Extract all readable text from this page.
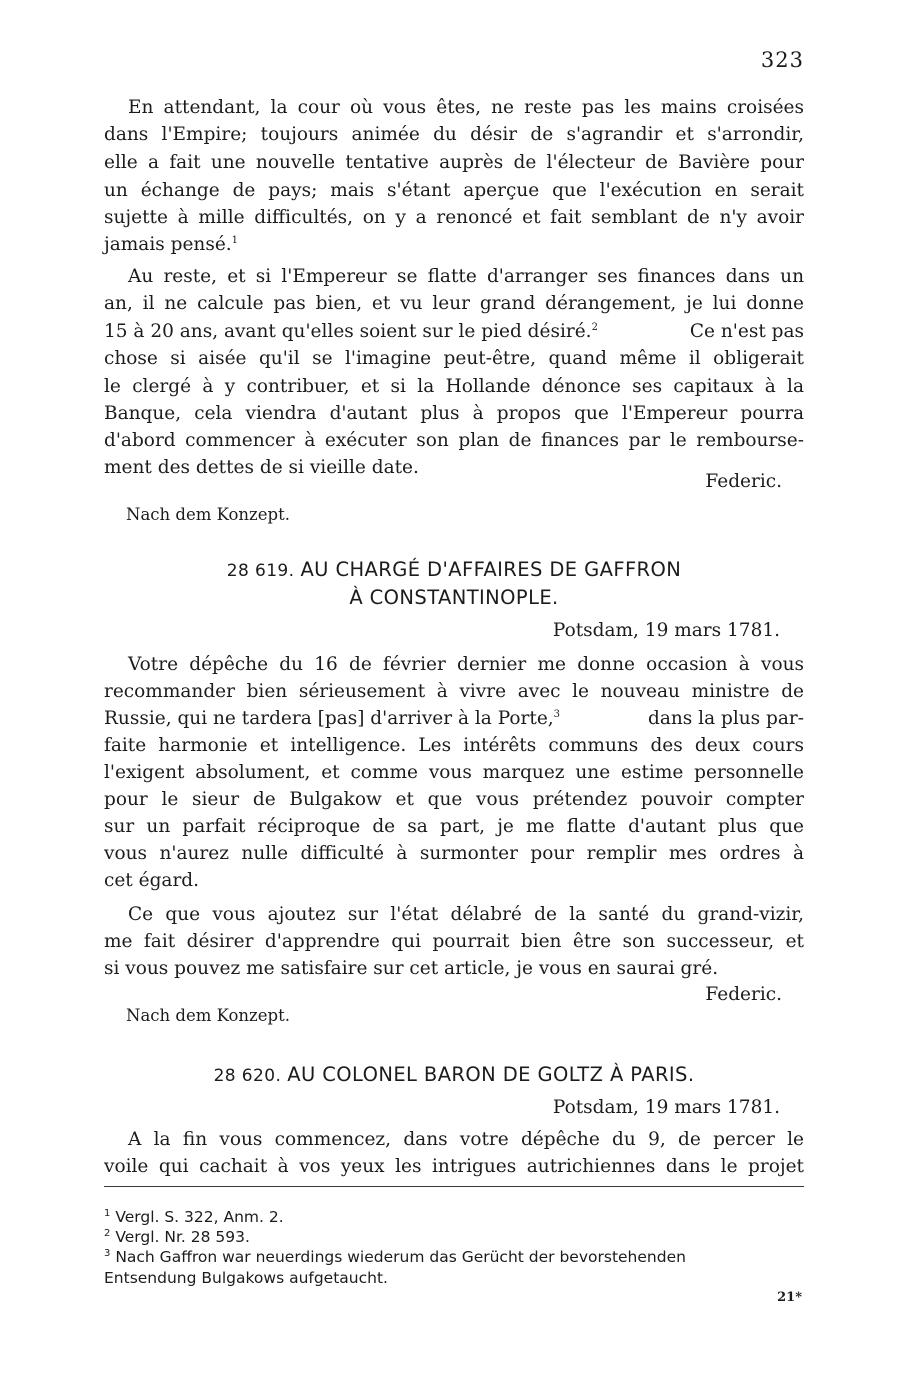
323
En attendant, la cour où vous êtes, ne reste pas les mains croisées
dans l'Empire; toujours animée du désir de s'agrandir et s'arrondir,
elle a fait une nouvelle tentative auprès de l'électeur de Bavière pour
un échange de pays; mais s'étant aperçue que l'exécution en serait
sujette à mille difficultés, on y a renoncé et fait semblant de n'y avoir
jamais pensé.$^1$
Au reste, et si l'Empereur se flatte d'arranger ses finances dans un
an, il ne calcule pas bien, et vu leur grand dérangement, je lui donne
15 à 20 ans, avant qu'elles soient sur le pied désiré.$^2$	Ce n'est pas
chose si aisée qu'il se l'imagine peut-être, quand même il obligerait
le clergé à y contribuer, et si la Hollande dénonce ses capitaux à la
Banque, cela viendra d'autant plus à propos que l'Empereur pourra
d'abord commencer à exécuter son plan de finances par le rembourse-
ment des dettes de si vieille date.
Federic.
Nach dem Konzept.
28 619. AU CHARGÉ D'AFFAIRES DE GAFFRON
À CONSTANTINOPLE.
Potsdam, 19 mars 1781.
Votre dépêche du 16 de février dernier me donne occasion à vous
recommander bien sérieusement à vivre avec le nouveau ministre de
Russie, qui ne tardera [pas] d'arriver à la Porte,$^3$	dans la plus par-
faite harmonie et intelligence. Les intérêts communs des deux cours
l'exigent absolument, et comme vous marquez une estime personnelle
pour le sieur de Bulgakow et que vous prétendez pouvoir compter
sur un parfait réciproque de sa part, je me flatte d'autant plus que
vous n'aurez nulle difficulté à surmonter pour remplir mes ordres à
cet égard.
Ce que vous ajoutez sur l'état délabré de la santé du grand-vizir,
me fait désirer d'apprendre qui pourrait bien être son successeur, et
si vous pouvez me satisfaire sur cet article, je vous en saurai gré.
Federic.
Nach dem Konzept.
28 620. AU COLONEL BARON DE GOLTZ À PARIS.
Potsdam, 19 mars 1781.
A la fin vous commencez, dans votre dépêche du 9, de percer le
voile qui cachait à vos yeux les intrigues autrichiennes dans le projet
$^1$ Vergl. S. 322, Anm. 2.
$^2$ Vergl. Nr. 28 593.
$^3$ Nach Gaffron war neuerdings wiederum das Gerücht der bevorstehenden
Entsendung Bulgakows aufgetaucht.
21*
